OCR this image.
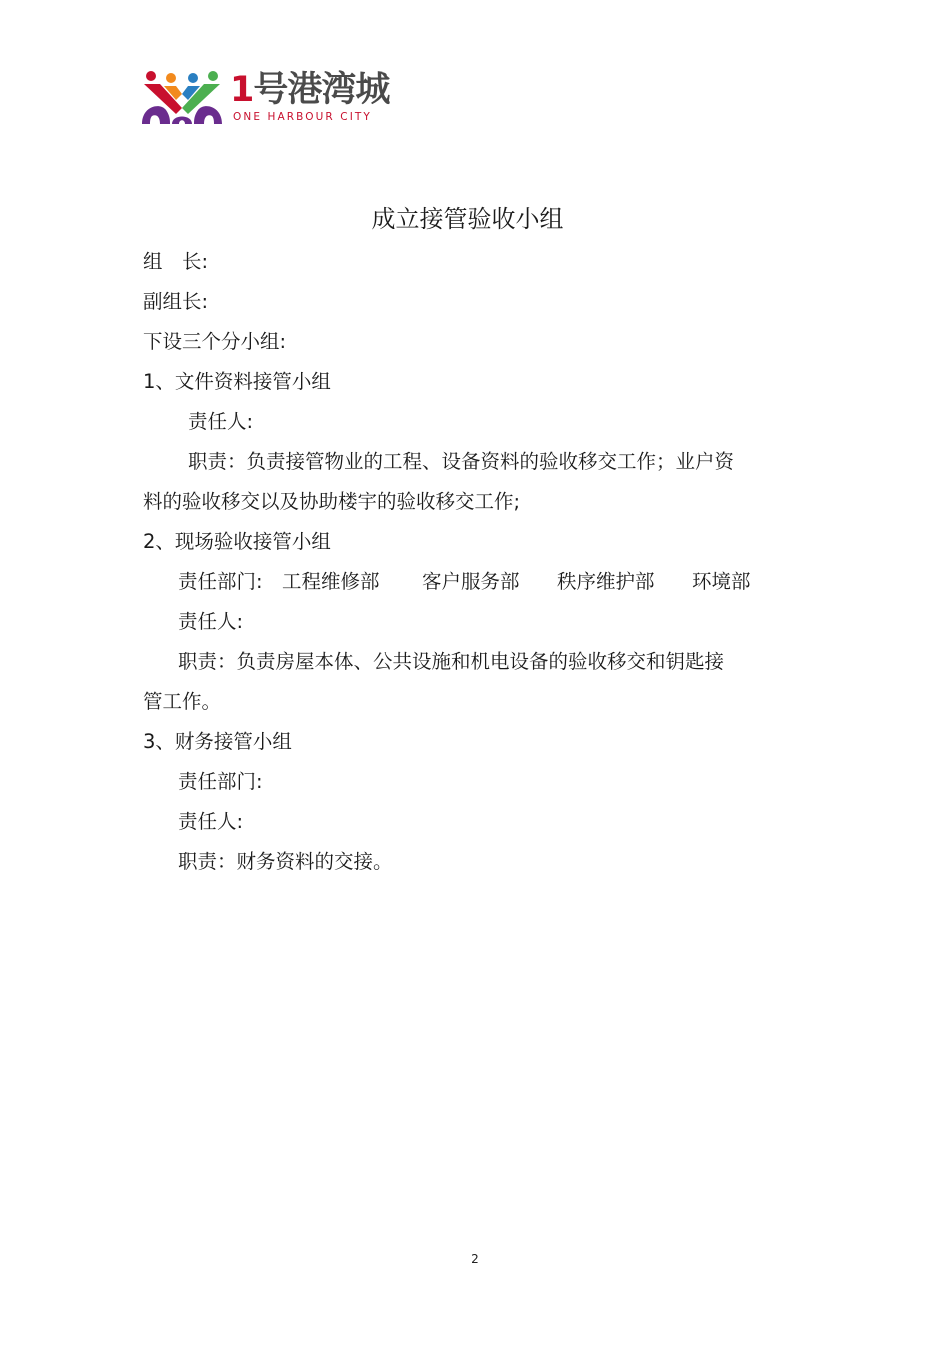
1号港湾城
ONE HARBOUR CITY
成立接管验收小组
组　长:
副组长:
下设三个分小组:
1、文件资料接管小组
责任人:
职责：负责接管物业的工程、设备资料的验收移交工作；业户资
料的验收移交以及协助楼宇的验收移交工作;
2、现场验收接管小组
责任部门: 工程维修部 客户服务部 秩序维护部 环境部
责任人:
职责：负责房屋本体、公共设施和机电设备的验收移交和钥匙接
管工作。
3、财务接管小组
责任部门:
责任人:
职责：财务资料的交接。
2
